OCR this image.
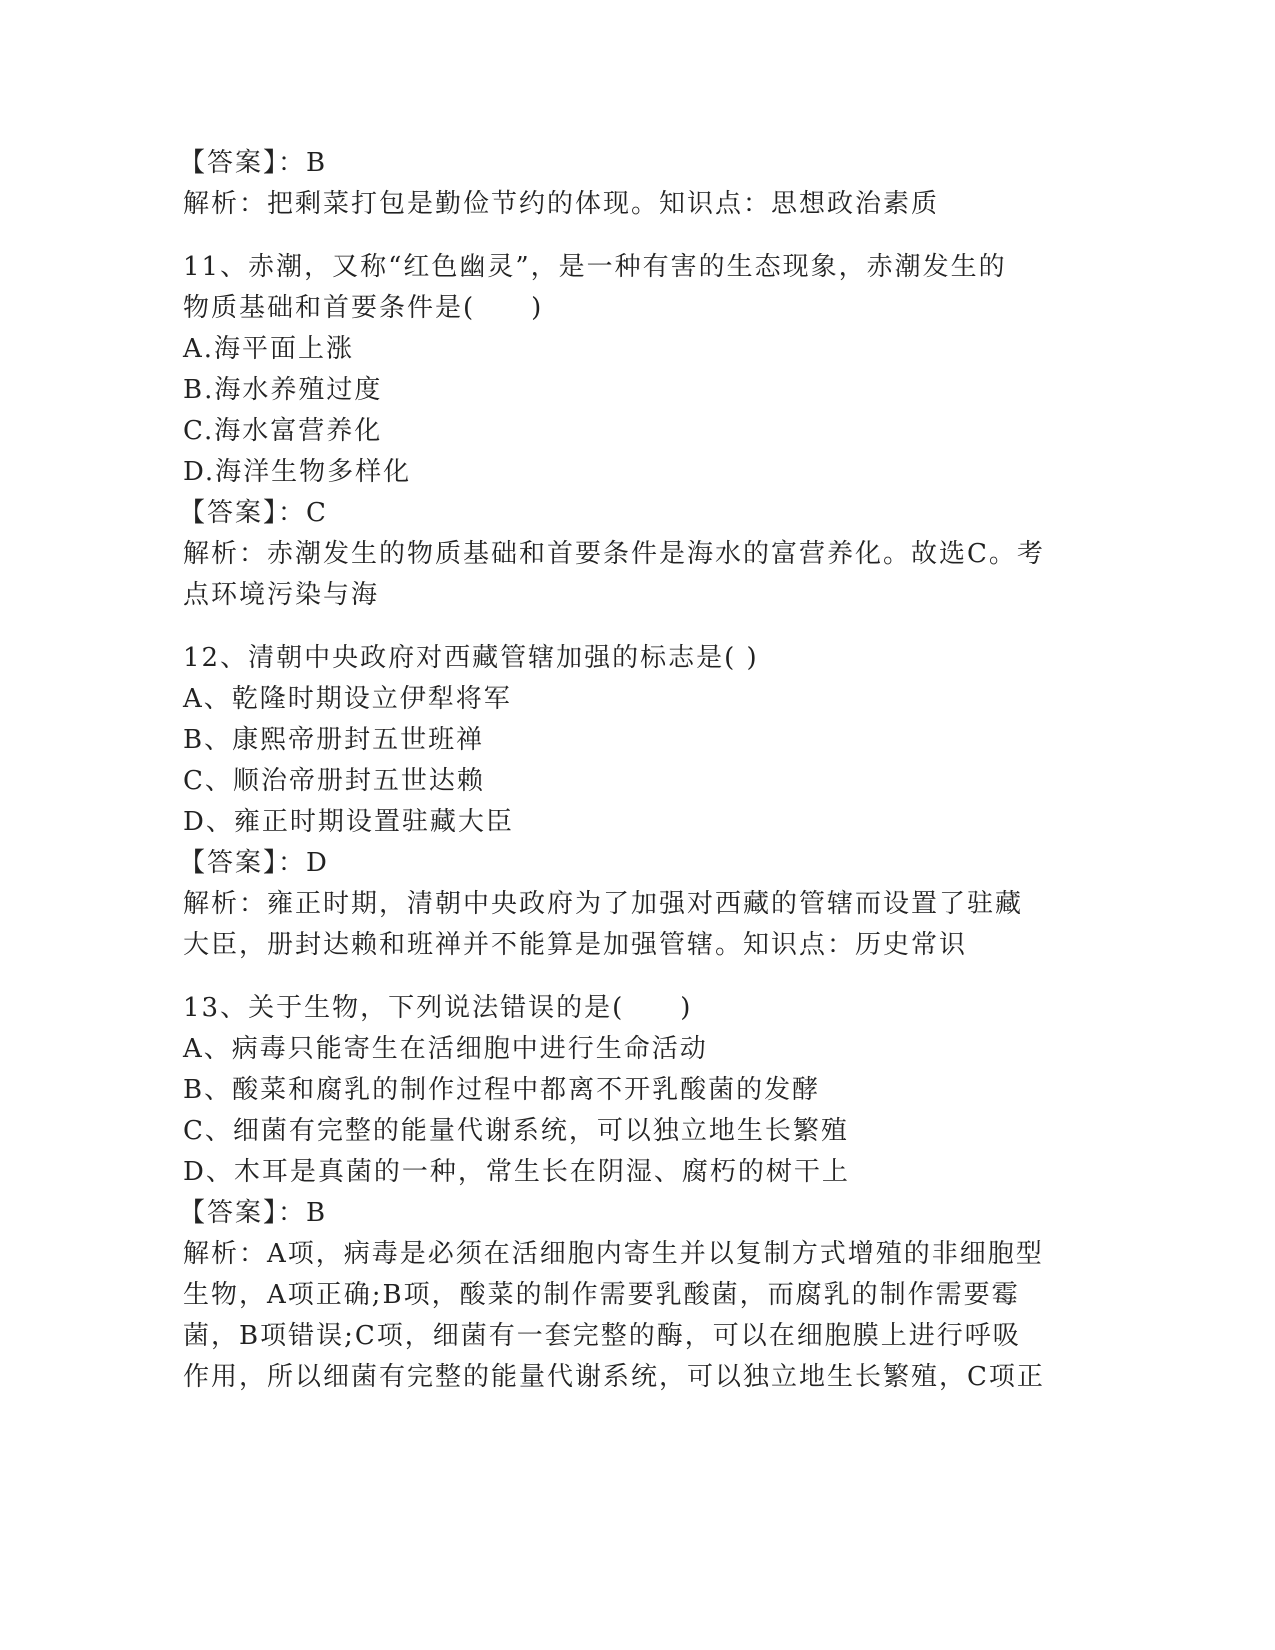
【答案】：B
解析：把剩菜打包是勤俭节约的体现。知识点：思想政治素质
11、赤潮，又称“红色幽灵”，是一种有害的生态现象，赤潮发生的
物质基础和首要条件是(　　)
A.海平面上涨
B.海水养殖过度
C.海水富营养化
D.海洋生物多样化
【答案】：C
解析：赤潮发生的物质基础和首要条件是海水的富营养化。故选C。考
点环境污染与海
12、清朝中央政府对西藏管辖加强的标志是( )
A、乾隆时期设立伊犁将军
B、康熙帝册封五世班禅
C、顺治帝册封五世达赖
D、雍正时期设置驻藏大臣
【答案】：D
解析：雍正时期，清朝中央政府为了加强对西藏的管辖而设置了驻藏
大臣，册封达赖和班禅并不能算是加强管辖。知识点：历史常识
13、关于生物，下列说法错误的是(　　)
A、病毒只能寄生在活细胞中进行生命活动
B、酸菜和腐乳的制作过程中都离不开乳酸菌的发酵
C、细菌有完整的能量代谢系统，可以独立地生长繁殖
D、木耳是真菌的一种，常生长在阴湿、腐朽的树干上
【答案】：B
解析：A项，病毒是必须在活细胞内寄生并以复制方式增殖的非细胞型
生物，A项正确;B项，酸菜的制作需要乳酸菌，而腐乳的制作需要霉
菌，B项错误;C项，细菌有一套完整的酶，可以在细胞膜上进行呼吸
作用，所以细菌有完整的能量代谢系统，可以独立地生长繁殖，C项正
